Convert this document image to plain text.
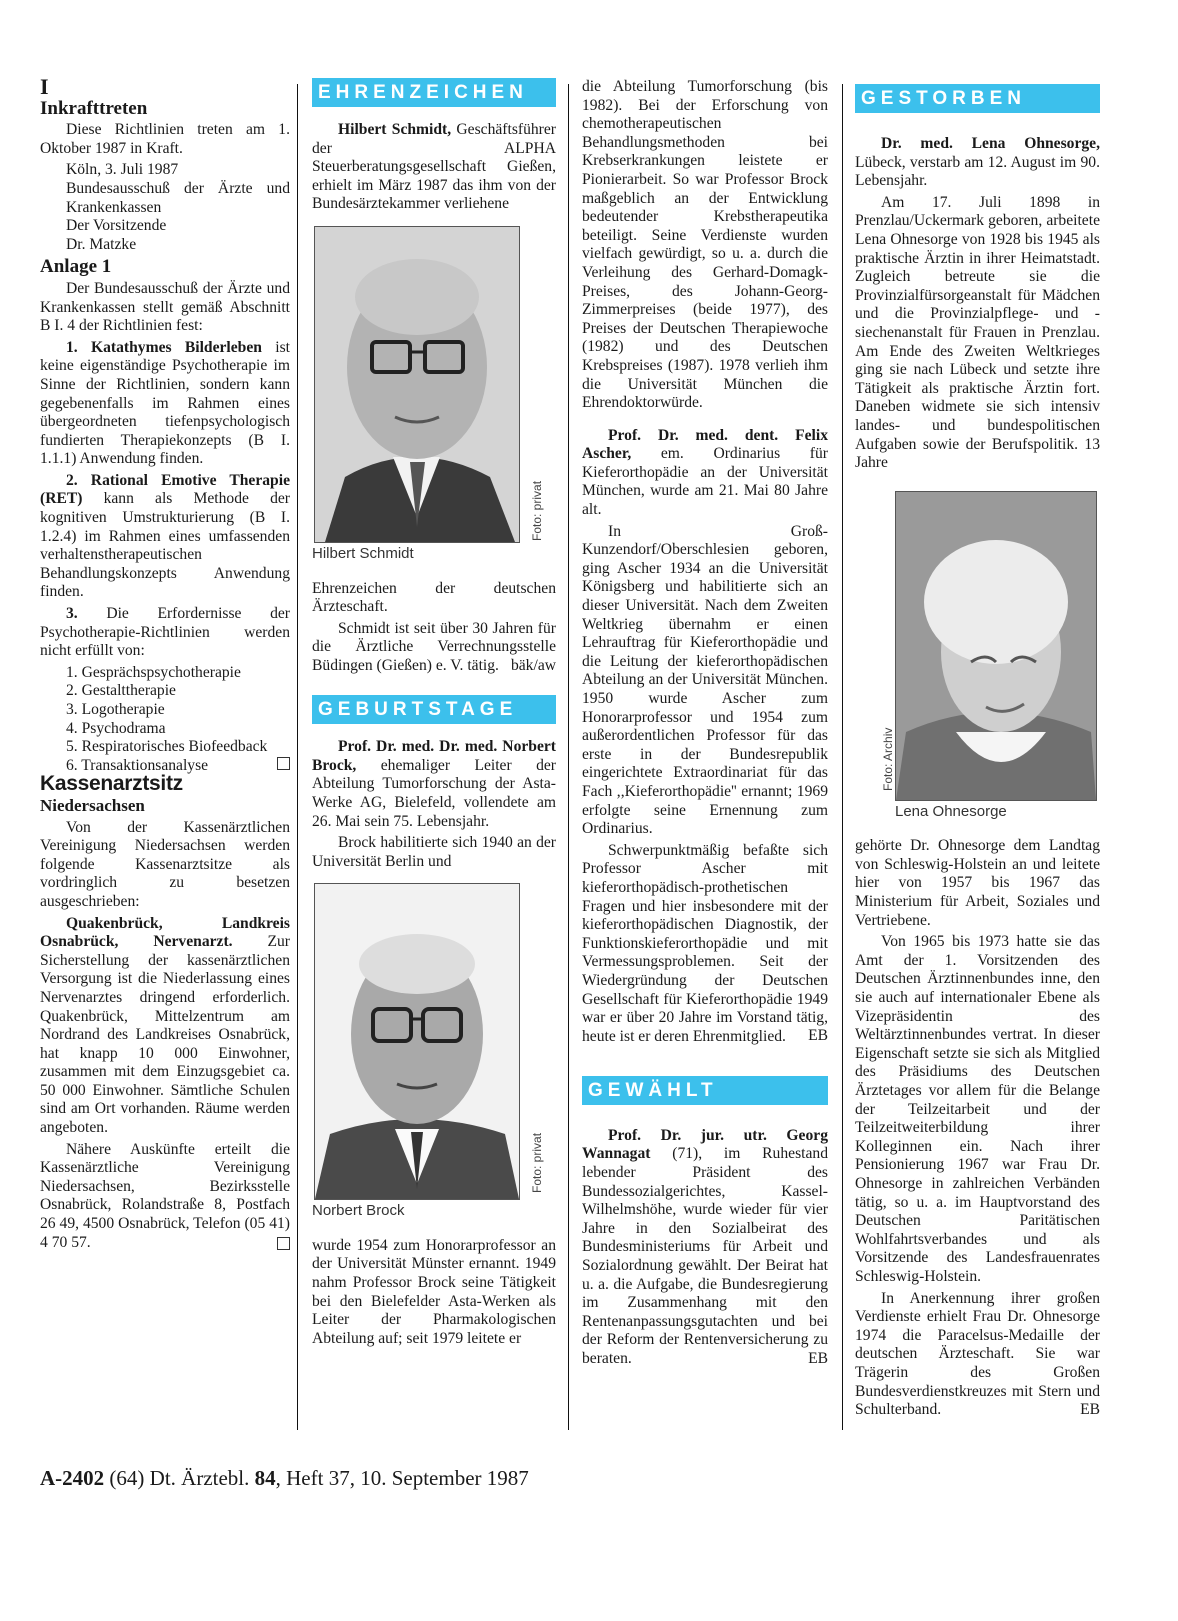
I

Inkrafttreten

Diese Richtlinien treten am 1. Oktober 1987 in Kraft.

Köln, 3. Juli 1987
Bundesausschuß der Ärzte und Krankenkassen
Der Vorsitzende
Dr. Matzke

Anlage 1

Der Bundesausschuß der Ärzte und Krankenkassen stellt gemäß Abschnitt B I. 4 der Richtlinien fest:

1. Katathymes Bilderleben ist keine eigenständige Psychotherapie im Sinne der Richtlinien, sondern kann gegebenenfalls im Rahmen eines übergeordneten tiefenpsychologisch fundierten Therapiekonzepts (B I. 1.1.1) Anwendung finden.

2. Rational Emotive Therapie (RET) kann als Methode der kognitiven Umstrukturierung (B I. 1.2.4) im Rahmen eines umfassenden verhaltenstherapeutischen Behandlungskonzepts Anwendung finden.

3. Die Erfordernisse der Psychotherapie-Richtlinien werden nicht erfüllt von:

1. Gesprächspsychotherapie
2. Gestalttherapie
3. Logotherapie
4. Psychodrama
5. Respiratorisches Biofeedback
6. Transaktionsanalyse

Kassenarztsitz

Niedersachsen

Von der Kassenärztlichen Vereinigung Niedersachsen werden folgende Kassenarztsitze als vordringlich zu besetzen ausgeschrieben:

Quakenbrück, Landkreis Osnabrück, Nervenarzt. Zur Sicherstellung der kassenärztlichen Versorgung ist die Niederlassung eines Nervenarztes dringend erforderlich. Quakenbrück, Mittelzentrum am Nordrand des Landkreises Osnabrück, hat knapp 10 000 Einwohner, zusammen mit dem Einzugsgebiet ca. 50 000 Einwohner. Sämtliche Schulen sind am Ort vorhanden. Räume werden angeboten.

Nähere Auskünfte erteilt die Kassenärztliche Vereinigung Niedersachsen, Bezirksstelle Osnabrück, Rolandstraße 8, Postfach 26 49, 4500 Osnabrück, Telefon (05 41) 4 70 57.

EHRENZEICHEN

Hilbert Schmidt, Geschäftsführer der ALPHA Steuerberatungsgesellschaft Gießen, erhielt im März 1987 das ihm von der Bundesärztekammer verliehene

Foto: privat
Hilbert Schmidt

Ehrenzeichen der deutschen Ärzteschaft.

Schmidt ist seit über 30 Jahren für die Ärztliche Verrechnungsstelle Büdingen (Gießen) e. V. tätig. bäk/aw

GEBURTSTAGE

Prof. Dr. med. Dr. med. Norbert Brock, ehemaliger Leiter der Abteilung Tumorforschung der Asta-Werke AG, Bielefeld, vollendete am 26. Mai sein 75. Lebensjahr.

Brock habilitierte sich 1940 an der Universität Berlin und

Foto: privat
Norbert Brock

wurde 1954 zum Honorarprofessor an der Universität Münster ernannt. 1949 nahm Professor Brock seine Tätigkeit bei den Bielefelder Asta-Werken als Leiter der Pharmakologischen Abteilung auf; seit 1979 leitete er

die Abteilung Tumorforschung (bis 1982). Bei der Erforschung von chemotherapeutischen Behandlungsmethoden bei Krebserkrankungen leistete er Pionierarbeit. So war Professor Brock maßgeblich an der Entwicklung bedeutender Krebstherapeutika beteiligt. Seine Verdienste wurden vielfach gewürdigt, so u. a. durch die Verleihung des Gerhard-Domagk-Preises, des Johann-Georg-Zimmerpreises (beide 1977), des Preises der Deutschen Therapiewoche (1982) und des Deutschen Krebspreises (1987). 1978 verlieh ihm die Universität München die Ehrendoktorwürde.

Prof. Dr. med. dent. Felix Ascher, em. Ordinarius für Kieferorthopädie an der Universität München, wurde am 21. Mai 80 Jahre alt.

In Groß-Kunzendorf/Oberschlesien geboren, ging Ascher 1934 an die Universität Königsberg und habilitierte sich an dieser Universität. Nach dem Zweiten Weltkrieg übernahm er einen Lehrauftrag für Kieferorthopädie und die Leitung der kieferorthopädischen Abteilung an der Universität München. 1950 wurde Ascher zum Honorarprofessor und 1954 zum außerordentlichen Professor für das erste in der Bundesrepublik eingerichtete Extraordinariat für das Fach ,,Kieferorthopädie'' ernannt; 1969 erfolgte seine Ernennung zum Ordinarius.

Schwerpunktmäßig befaßte sich Professor Ascher mit kieferorthopädisch-prothetischen Fragen und hier insbesondere mit der kieferorthopädischen Diagnostik, der Funktionskieferorthopädie und mit Vermessungsproblemen. Seit der Wiedergründung der Deutschen Gesellschaft für Kieferorthopädie 1949 war er über 20 Jahre im Vorstand tätig, heute ist er deren Ehrenmitglied.	EB

GEWÄHLT

Prof. Dr. jur. utr. Georg Wannagat (71), im Ruhestand lebender Präsident des Bundessozialgerichtes, Kassel-Wilhelmshöhe, wurde wieder für vier Jahre in den Sozialbeirat des Bundesministeriums für Arbeit und Sozialordnung gewählt. Der Beirat hat u. a. die Aufgabe, die Bundesregierung im Zusammenhang mit den Rentenanpassungsgutachten und bei der Reform der Rentenversicherung zu beraten.	EB

GESTORBEN

Dr. med. Lena Ohnesorge, Lübeck, verstarb am 12. August im 90. Lebensjahr.

Am 17. Juli 1898 in Prenzlau/Uckermark geboren, arbeitete Lena Ohnesorge von 1928 bis 1945 als praktische Ärztin in ihrer Heimatstadt. Zugleich betreute sie die Provinzialfürsorgeanstalt für Mädchen und die Provinzialpflege- und -siechenanstalt für Frauen in Prenzlau. Am Ende des Zweiten Weltkrieges ging sie nach Lübeck und setzte ihre Tätigkeit als praktische Ärztin fort. Daneben widmete sie sich intensiv landes- und bundespolitischen Aufgaben sowie der Berufspolitik. 13 Jahre

Foto: Archiv
Lena Ohnesorge

gehörte Dr. Ohnesorge dem Landtag von Schleswig-Holstein an und leitete hier von 1957 bis 1967 das Ministerium für Arbeit, Soziales und Vertriebene.

Von 1965 bis 1973 hatte sie das Amt der 1. Vorsitzenden des Deutschen Ärztinnenbundes inne, den sie auch auf internationaler Ebene als Vizepräsidentin des Weltärztinnenbundes vertrat. In dieser Eigenschaft setzte sie sich als Mitglied des Präsidiums des Deutschen Ärztetages vor allem für die Belange der Teilzeitarbeit und der Teilzeitweiterbildung ihrer Kolleginnen ein. Nach ihrer Pensionierung 1967 war Frau Dr. Ohnesorge in zahlreichen Verbänden tätig, so u. a. im Hauptvorstand des Deutschen Paritätischen Wohlfahrtsverbandes und als Vorsitzende des Landesfrauenrates Schleswig-Holstein.

In Anerkennung ihrer großen Verdienste erhielt Frau Dr. Ohnesorge 1974 die Paracelsus-Medaille der deutschen Ärzteschaft. Sie war Trägerin des Großen Bundesverdienstkreuzes mit Stern und Schulterband.	EB

A-2402 (64) Dt. Ärztebl. 84, Heft 37, 10. September 1987
